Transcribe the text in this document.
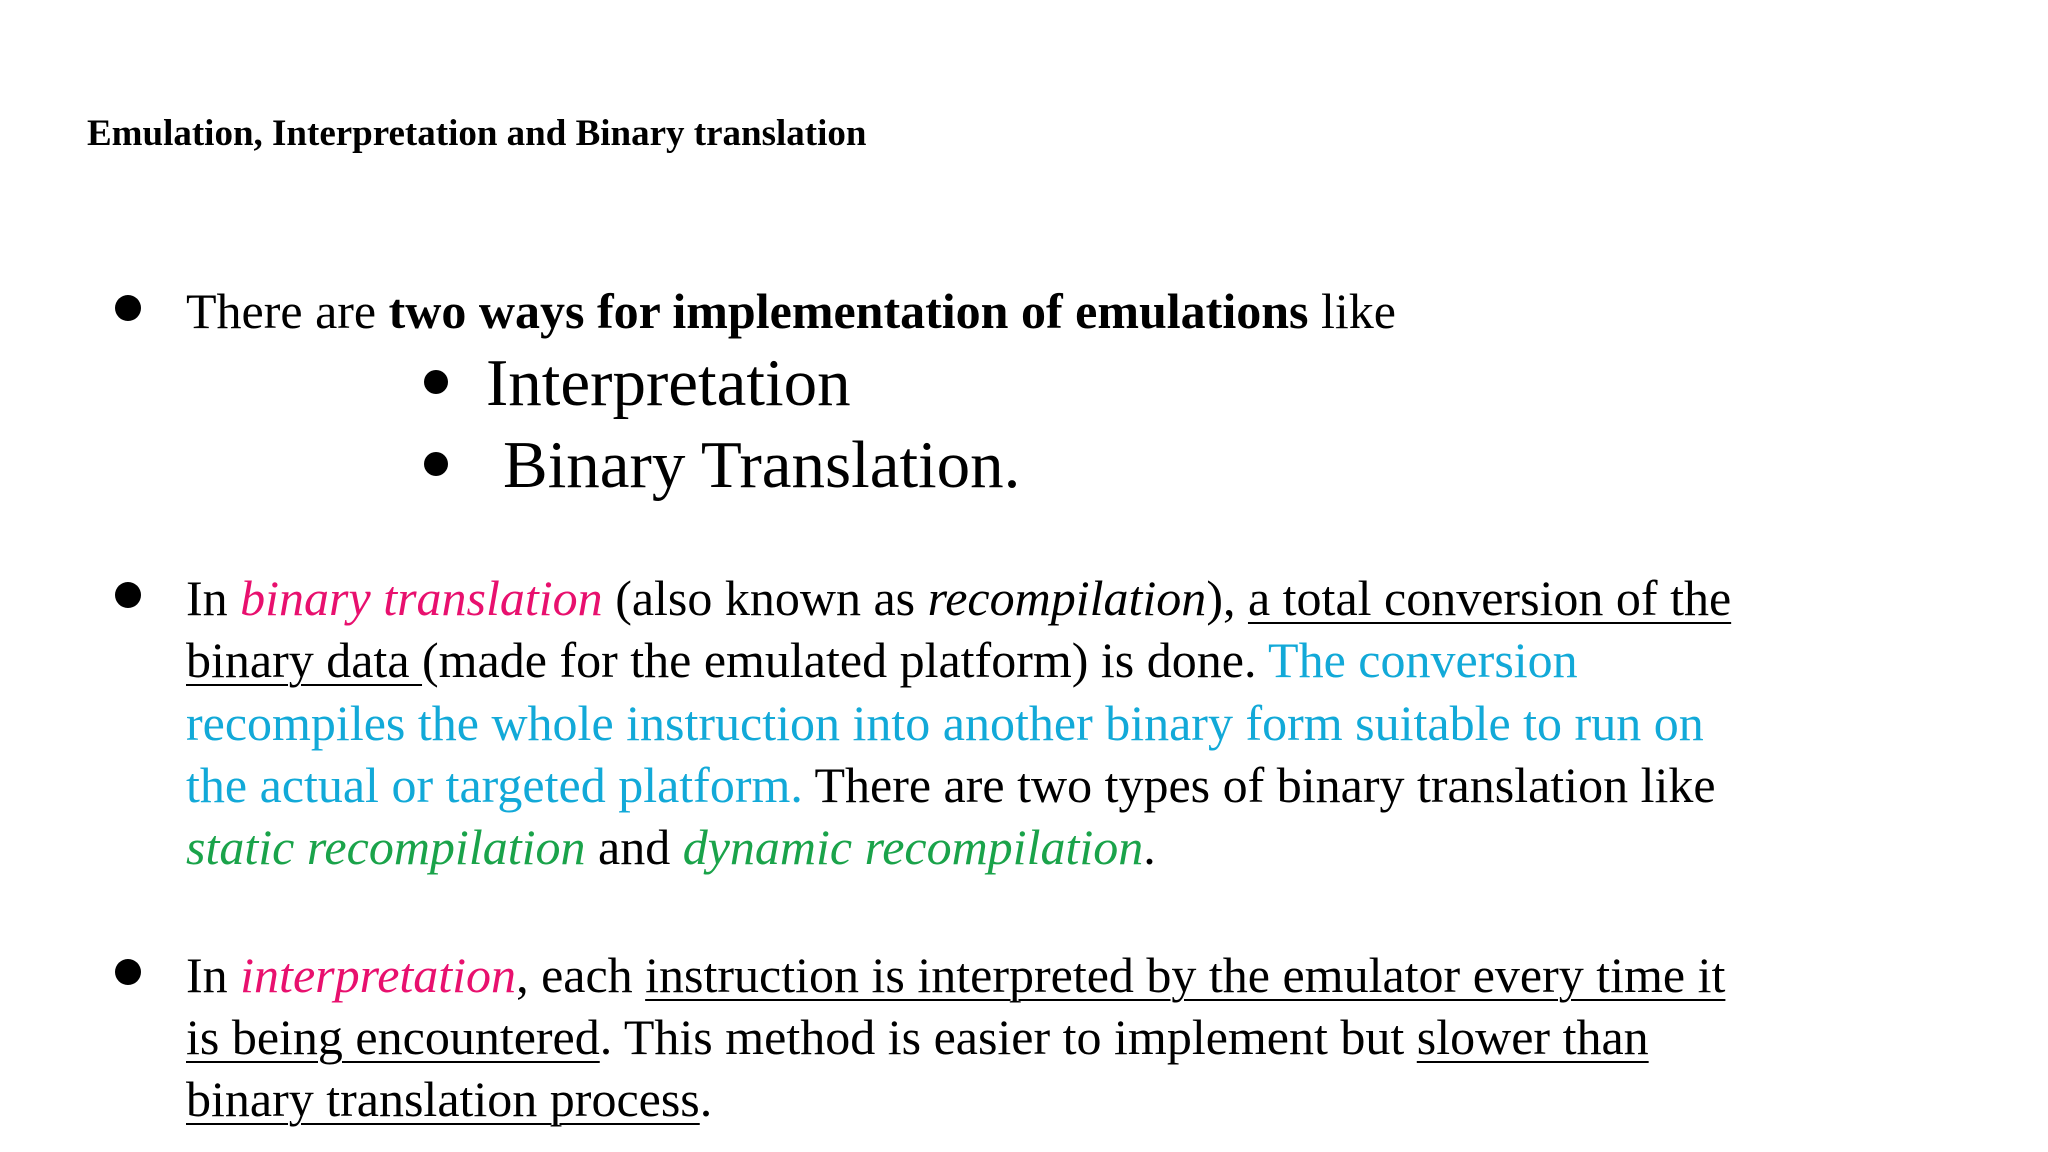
Emulation, Interpretation and Binary translation
There are two ways for implementation of emulations like
Interpretation
Binary Translation.
In binary translation (also known as recompilation), a total conversion of the
binary data (made for the emulated platform) is done. The conversion
recompiles the whole instruction into another binary form suitable to run on
the actual or targeted platform. There are two types of binary translation like
static recompilation and dynamic recompilation.
In interpretation, each instruction is interpreted by the emulator every time it
is being encountered. This method is easier to implement but slower than
binary translation process.
